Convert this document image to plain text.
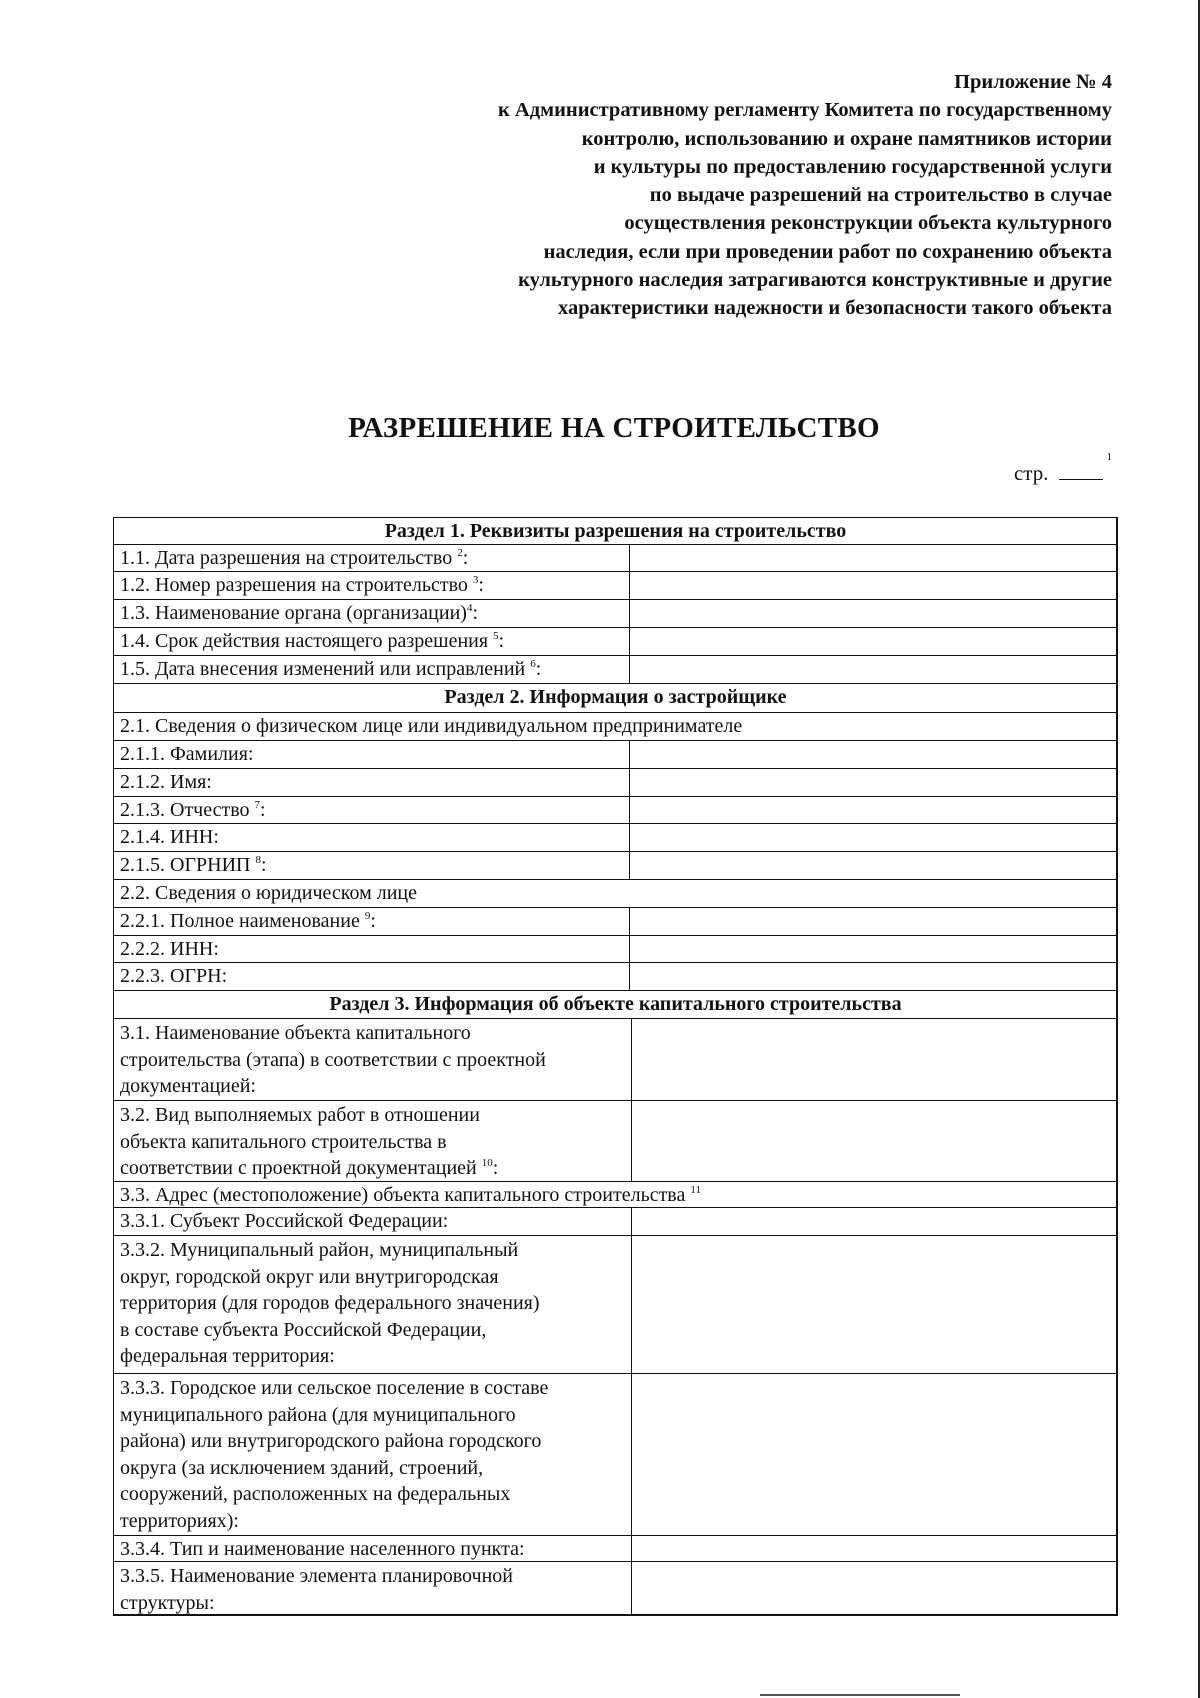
Приложение № 4
к Административному регламенту Комитета по государственному
контролю, использованию и охране памятников истории
и культуры по предоставлению государственной услуги
по выдаче разрешений на строительство в случае
осуществления реконструкции объекта культурного
наследия, если при проведении работ по сохранению объекта
культурного наследия затрагиваются конструктивные и другие
характеристики надежности и безопасности такого объекта
РАЗРЕШЕНИЕ НА СТРОИТЕЛЬСТВО
стр.$^1$
Раздел 1. Реквизиты разрешения на строительство
1.1. Дата разрешения на строительство $^2$:
1.2. Номер разрешения на строительство $^3$:
1.3. Наименование органа (организации)$^4$:
1.4. Срок действия настоящего разрешения $^5$:
1.5. Дата внесения изменений или исправлений $^6$:
Раздел 2. Информация о застройщике
2.1. Сведения о физическом лице или индивидуальном предпринимателе
2.1.1. Фамилия:
2.1.2. Имя:
2.1.3. Отчество $^7$:
2.1.4. ИНН:
2.1.5. ОГРНИП $^8$:
2.2. Сведения о юридическом лице
2.2.1. Полное наименование $^9$:
2.2.2. ИНН:
2.2.3. ОГРН:
Раздел 3. Информация об объекте капитального строительства
3.1. Наименование объекта капитального
строительства (этапа) в соответствии с проектной
документацией:
3.2. Вид выполняемых работ в отношении
объекта капитального строительства в
соответствии с проектной документацией $^{10}$:
3.3. Адрес (местоположение) объекта капитального строительства $^{11}$
3.3.1. Субъект Российской Федерации:
3.3.2. Муниципальный район, муниципальный
округ, городской округ или внутригородская
территория (для городов федерального значения)
в составе субъекта Российской Федерации,
федеральная территория:
3.3.3. Городское или сельское поселение в составе
муниципального района (для муниципального
района) или внутригородского района городского
округа (за исключением зданий, строений,
сооружений, расположенных на федеральных
территориях):
3.3.4. Тип и наименование населенного пункта:
3.3.5. Наименование элемента планировочной
структуры:
